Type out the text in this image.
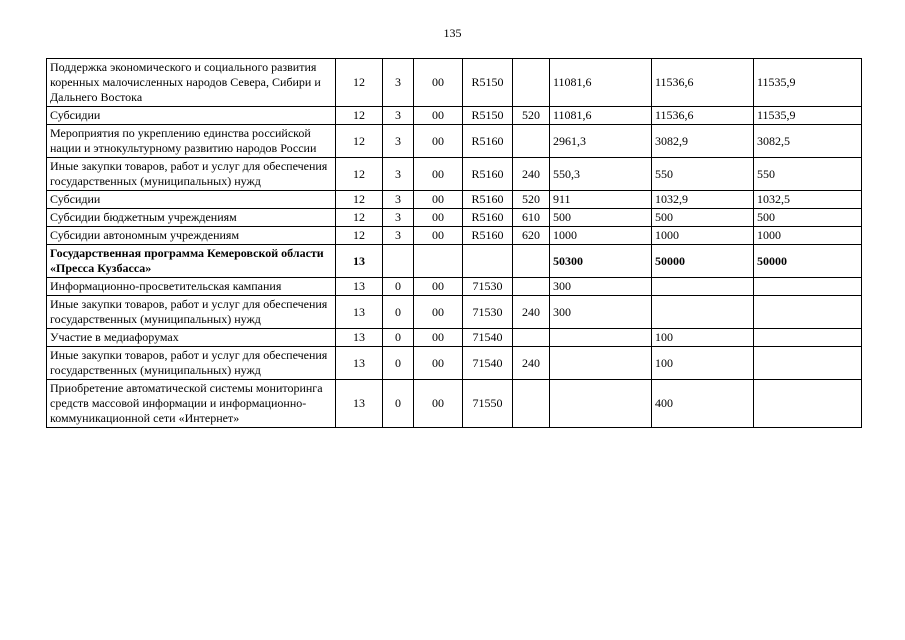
135
Поддержка экономического и социального развития коренных малочисленных народов Севера, Сибири и Дальнего Востока	12	3	00	R5150		11081,6	11536,6	11535,9
Субсидии	12	3	00	R5150	520	11081,6	11536,6	11535,9
Мероприятия по укреплению единства российской нации и этнокультурному развитию народов России	12	3	00	R5160		2961,3	3082,9	3082,5
Иные закупки товаров, работ и услуг для обеспечения государственных (муниципальных) нужд	12	3	00	R5160	240	550,3	550	550
Субсидии	12	3	00	R5160	520	911	1032,9	1032,5
Субсидии бюджетным учреждениям	12	3	00	R5160	610	500	500	500
Субсидии автономным учреждениям	12	3	00	R5160	620	1000	1000	1000
Государственная программа Кемеровской области «Пресса Кузбасса»	13					50300	50000	50000
Информационно-просветительская кампания	13	0	00	71530		300		
Иные закупки товаров, работ и услуг для обеспечения государственных (муниципальных) нужд	13	0	00	71530	240	300		
Участие в медиафорумах	13	0	00	71540			100	
Иные закупки товаров, работ и услуг для обеспечения государственных (муниципальных) нужд	13	0	00	71540	240		100	
Приобретение автоматической системы мониторинга средств массовой информации и информационно-коммуникационной сети «Интернет»	13	0	00	71550			400	
